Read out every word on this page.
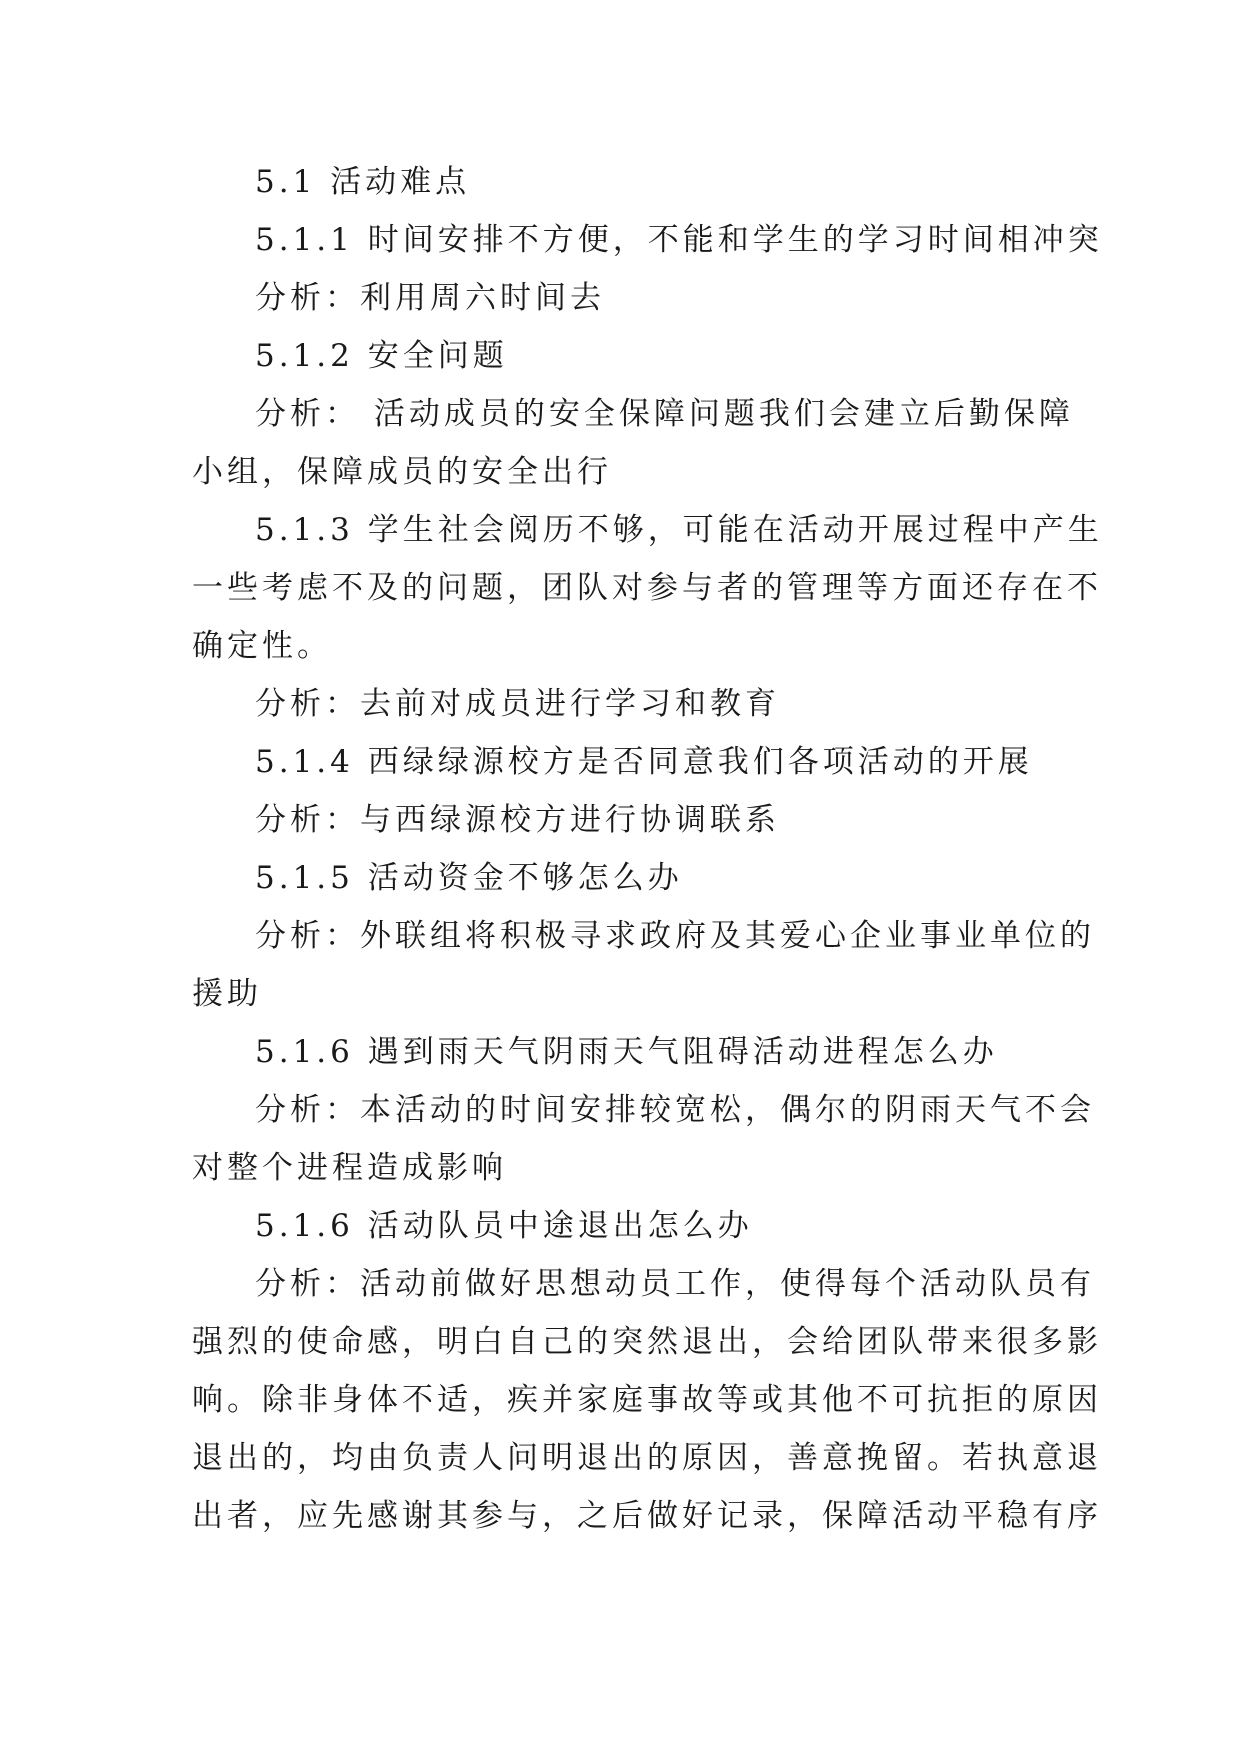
5.1 活动难点

5.1.1 时间安排不方便，不能和学生的学习时间相冲突

分析：利用周六时间去

5.1.2 安全问题

分析： 活动成员的安全保障问题我们会建立后勤保障

小组，保障成员的安全出行

5.1.3 学生社会阅历不够，可能在活动开展过程中产生

一些考虑不及的问题，团队对参与者的管理等方面还存在不

确定性。

分析：去前对成员进行学习和教育

5.1.4 西绿绿源校方是否同意我们各项活动的开展

分析：与西绿源校方进行协调联系

5.1.5 活动资金不够怎么办

分析：外联组将积极寻求政府及其爱心企业事业单位的

援助

5.1.6 遇到雨天气阴雨天气阻碍活动进程怎么办

分析：本活动的时间安排较宽松，偶尔的阴雨天气不会

对整个进程造成影响

5.1.6 活动队员中途退出怎么办

分析：活动前做好思想动员工作，使得每个活动队员有

强烈的使命感，明白自己的突然退出，会给团队带来很多影

响。除非身体不适，疾并家庭事故等或其他不可抗拒的原因

退出的，均由负责人问明退出的原因，善意挽留。若执意退

出者，应先感谢其参与，之后做好记录，保障活动平稳有序
